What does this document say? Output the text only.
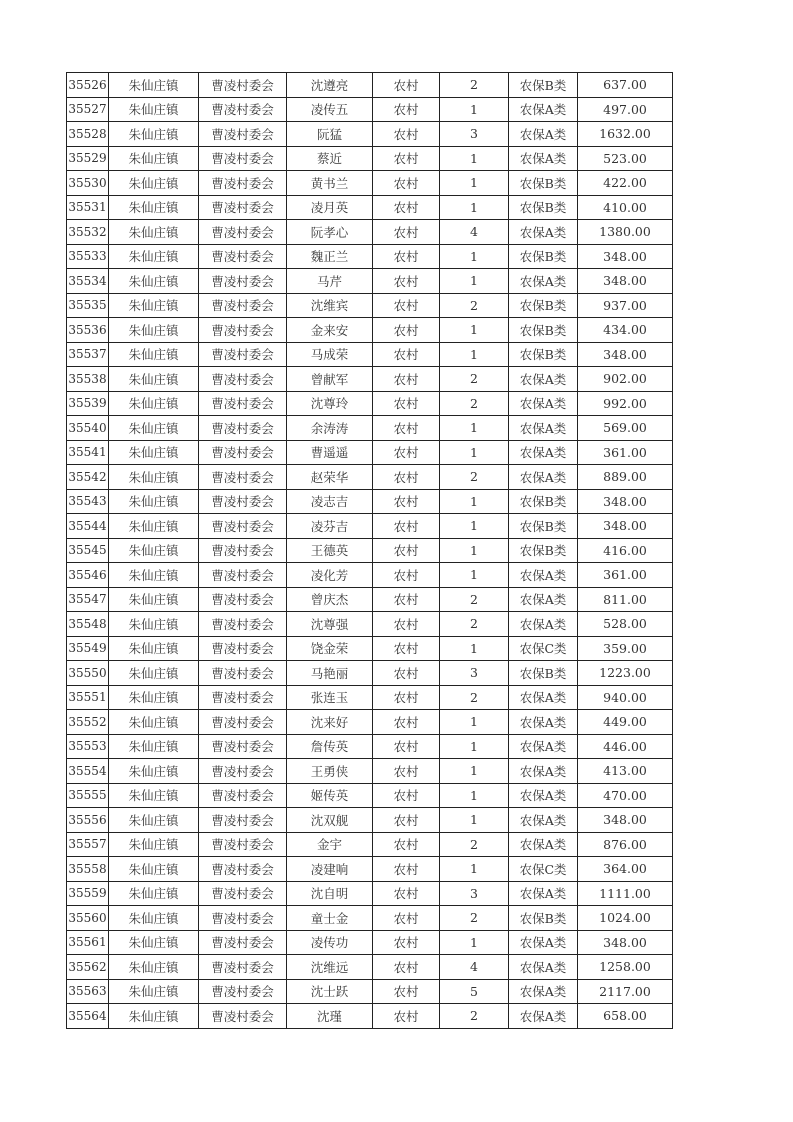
35526	朱仙庄镇	曹凌村委会	沈遵亮	农村	2	农保B类	637.00
35527	朱仙庄镇	曹凌村委会	凌传五	农村	1	农保A类	497.00
35528	朱仙庄镇	曹凌村委会	阮猛	农村	3	农保A类	1632.00
35529	朱仙庄镇	曹凌村委会	蔡近	农村	1	农保A类	523.00
35530	朱仙庄镇	曹凌村委会	黄书兰	农村	1	农保B类	422.00
35531	朱仙庄镇	曹凌村委会	凌月英	农村	1	农保B类	410.00
35532	朱仙庄镇	曹凌村委会	阮孝心	农村	4	农保A类	1380.00
35533	朱仙庄镇	曹凌村委会	魏正兰	农村	1	农保B类	348.00
35534	朱仙庄镇	曹凌村委会	马芹	农村	1	农保A类	348.00
35535	朱仙庄镇	曹凌村委会	沈维宾	农村	2	农保B类	937.00
35536	朱仙庄镇	曹凌村委会	金来安	农村	1	农保B类	434.00
35537	朱仙庄镇	曹凌村委会	马成荣	农村	1	农保B类	348.00
35538	朱仙庄镇	曹凌村委会	曾献军	农村	2	农保A类	902.00
35539	朱仙庄镇	曹凌村委会	沈尊玲	农村	2	农保A类	992.00
35540	朱仙庄镇	曹凌村委会	余涛涛	农村	1	农保A类	569.00
35541	朱仙庄镇	曹凌村委会	曹遥遥	农村	1	农保A类	361.00
35542	朱仙庄镇	曹凌村委会	赵荣华	农村	2	农保A类	889.00
35543	朱仙庄镇	曹凌村委会	凌志吉	农村	1	农保B类	348.00
35544	朱仙庄镇	曹凌村委会	凌芬吉	农村	1	农保B类	348.00
35545	朱仙庄镇	曹凌村委会	王德英	农村	1	农保B类	416.00
35546	朱仙庄镇	曹凌村委会	凌化芳	农村	1	农保A类	361.00
35547	朱仙庄镇	曹凌村委会	曾庆杰	农村	2	农保A类	811.00
35548	朱仙庄镇	曹凌村委会	沈尊强	农村	2	农保A类	528.00
35549	朱仙庄镇	曹凌村委会	饶金荣	农村	1	农保C类	359.00
35550	朱仙庄镇	曹凌村委会	马艳丽	农村	3	农保B类	1223.00
35551	朱仙庄镇	曹凌村委会	张连玉	农村	2	农保A类	940.00
35552	朱仙庄镇	曹凌村委会	沈来好	农村	1	农保A类	449.00
35553	朱仙庄镇	曹凌村委会	詹传英	农村	1	农保A类	446.00
35554	朱仙庄镇	曹凌村委会	王勇侠	农村	1	农保A类	413.00
35555	朱仙庄镇	曹凌村委会	姬传英	农村	1	农保A类	470.00
35556	朱仙庄镇	曹凌村委会	沈双舰	农村	1	农保A类	348.00
35557	朱仙庄镇	曹凌村委会	金宇	农村	2	农保A类	876.00
35558	朱仙庄镇	曹凌村委会	凌建响	农村	1	农保C类	364.00
35559	朱仙庄镇	曹凌村委会	沈自明	农村	3	农保A类	1111.00
35560	朱仙庄镇	曹凌村委会	童士金	农村	2	农保B类	1024.00
35561	朱仙庄镇	曹凌村委会	凌传功	农村	1	农保A类	348.00
35562	朱仙庄镇	曹凌村委会	沈维远	农村	4	农保A类	1258.00
35563	朱仙庄镇	曹凌村委会	沈士跃	农村	5	农保A类	2117.00
35564	朱仙庄镇	曹凌村委会	沈瑾	农村	2	农保A类	658.00
